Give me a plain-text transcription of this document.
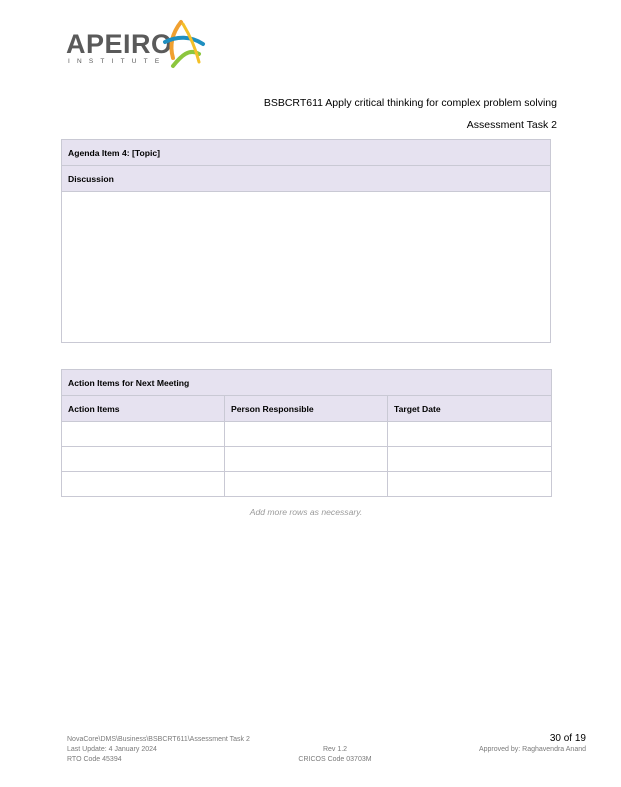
APEIRO
INSTITUTE
BSBCRT611 Apply critical thinking for complex problem solving
Assessment Task 2
Agenda Item 4: [Topic]
Discussion

Action Items for Next Meeting		
Action Items	Person Responsible	Target Date

Add more rows as necessary.
NovaCore\DMS\Business\BSBCRT611\Assessment Task 2
Last Update: 4 January 2024
RTO Code 45394
Rev 1.2
CRICOS Code 03703M
30 of 19
Approved by: Raghavendra Anand
